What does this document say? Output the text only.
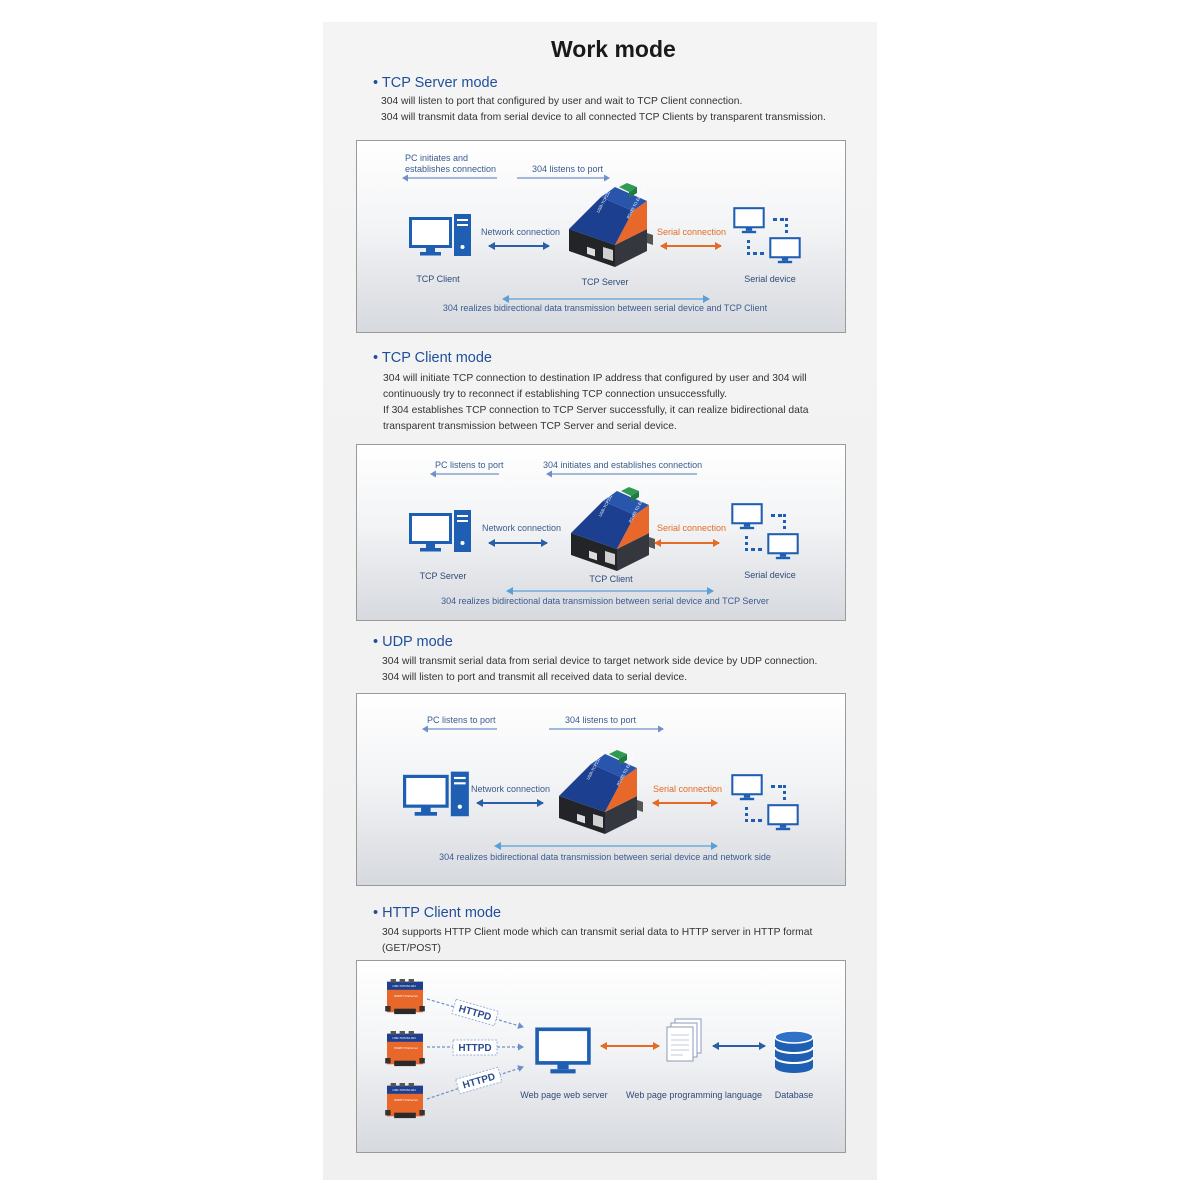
Work mode
• TCP Server mode
304 will listen to port that configured by user and wait to TCP Client connection.
304 will transmit data from serial device to all connected TCP Clients by transparent transmission.
PC initiates and
establishes connection	304 listens to port
TCP Client
Network connection
TCP Server
Serial connection
Serial device
304 realizes bidirectional data transmission between serial device and TCP Client
• TCP Client mode
304 will initiate TCP connection to destination IP address that configured by user and 304 will
continuously try to reconnect if establishing TCP connection unsuccessfully.
If 304 establishes TCP connection to TCP Server successfully, it can realize bidirectional data
transparent transmission between TCP Server and serial device.
PC listens to port	304 initiates and establishes connection
TCP Server
Network connection
TCP Client
Serial connection
Serial device
304 realizes bidirectional data transmission between serial device and TCP Server
• UDP mode
304 will transmit serial data from serial device to target network side device by UDP connection.
304 will listen to port and transmit all received data to serial device.
PC listens to port	304 listens to port
Network connection	Serial connection
304 realizes bidirectional data transmission between serial device and network side
• HTTP Client mode
304 supports HTTP Client mode which can transmit serial data to HTTP server in HTTP format
(GET/POST)
HTTPD
HTTPD
HTTPD
Web page web server Web page programming language Database
